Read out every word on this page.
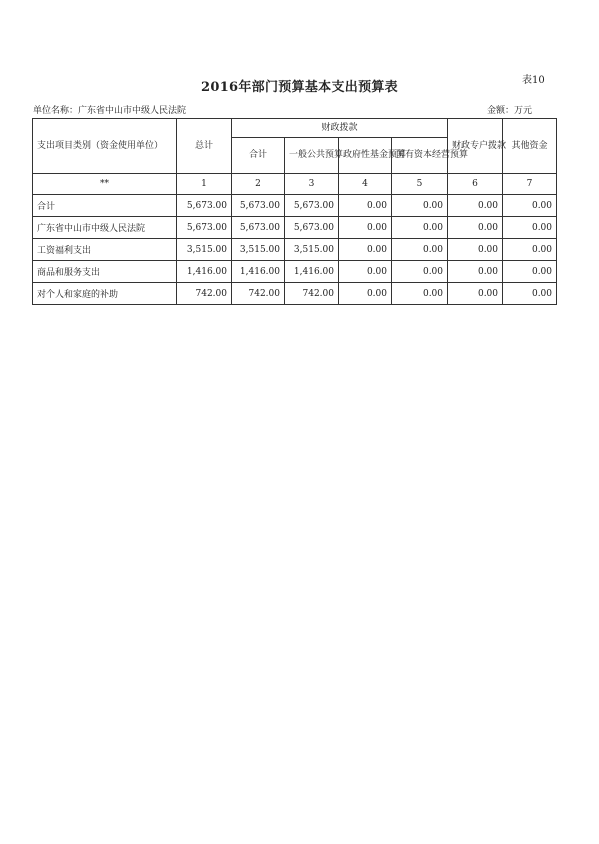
表10
2016年部门预算基本支出预算表
单位名称：广东省中山市中级人民法院	金额：万元
支出项目类别（资金使用单位）	总计	财政拨款				财政专户拨款	其他资金
		合计	一般公共预算	政府性基金预算	国有资本经营预算		
**	1	2	3	4	5	6	7
合计	5,673.00	5,673.00	5,673.00	0.00	0.00	0.00	0.00
广东省中山市中级人民法院	5,673.00	5,673.00	5,673.00	0.00	0.00	0.00	0.00
工资福利支出	3,515.00	3,515.00	3,515.00	0.00	0.00	0.00	0.00
商品和服务支出	1,416.00	1,416.00	1,416.00	0.00	0.00	0.00	0.00
对个人和家庭的补助	742.00	742.00	742.00	0.00	0.00	0.00	0.00
